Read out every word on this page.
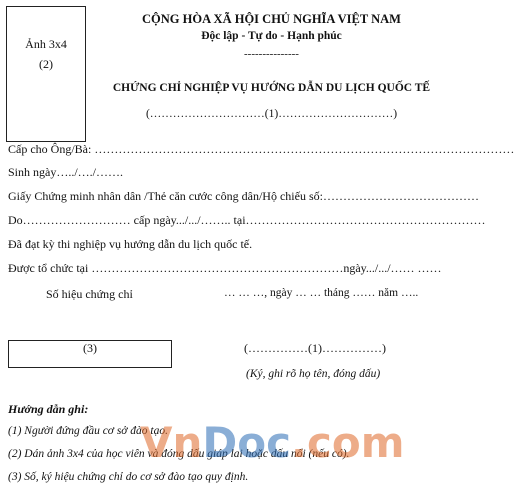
Ảnh 3x4
(2)
CỘNG HÒA XÃ HỘI CHỦ NGHĨA VIỆT NAM
Độc lập - Tự do - Hạnh phúc
---------------
CHỨNG CHỈ NGHIỆP VỤ HƯỚNG DẪN DU LỊCH QUỐC TẾ
(…………………………(1)…………………………)
Cấp cho Ông/Bà: ……………………………………………………………………………………………
Sinh ngày…../…./…….
Giấy Chứng minh nhân dân /Thẻ căn cước công dân/Hộ chiếu số:…………………………………
Do……………………… cấp ngày.../.../…….. tại……………………………………………………
Đã đạt kỳ thi nghiệp vụ hướng dẫn du lịch quốc tế.
Được tổ chức tại ………………………………………………………ngày.../.../…… ……
Số hiệu chứng chỉ	… … …, ngày … … tháng …… năm …..
(3)	(……………(1)……………)
(Ký, ghi rõ họ tên, đóng dấu)
Hướng dẫn ghi:
(1) Người đứng đầu cơ sở đào tạo.
(2) Dán ảnh 3x4 của học viên và đóng dấu giáp lai hoặc dấu nổi (nếu có).
(3) Số, ký hiệu chứng chỉ do cơ sở đào tạo quy định.
VnDoc.com
